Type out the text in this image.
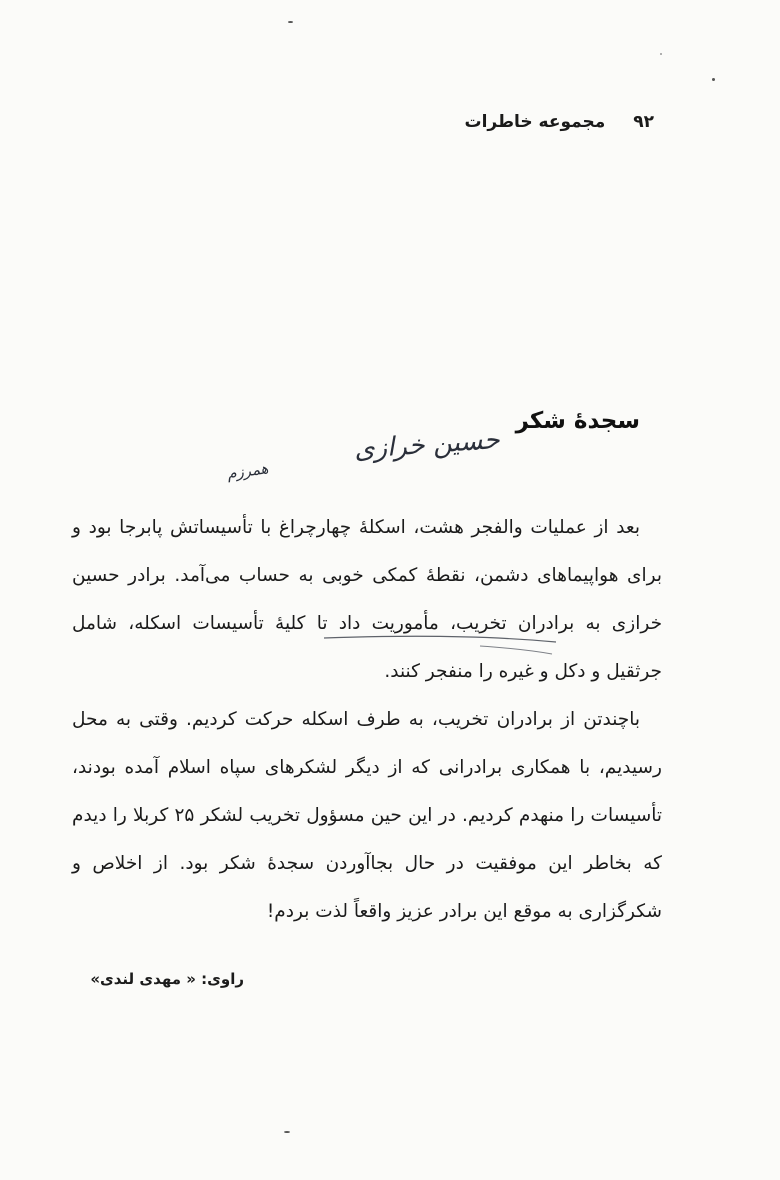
۹۲ مجموعه خاطرات
سجدهٔ شکر
حسین خرازی
همرزم

بعد از عملیات والفجر هشت، اسکلهٔ چهارچراغ با تأسیساتش پابرجا بود و برای هواپیماهای دشمن، نقطهٔ کمکی خوبی به حساب می‌آمد. برادر حسین خرازی به برادران تخریب، مأموریت داد تا کلیهٔ تأسیسات اسکله، شامل جرثقیل و دکل و غیره را منفجر کنند.

باچندتن از برادران تخریب، به طرف اسکله حرکت کردیم. وقتی به محل رسیدیم، با همکاری برادرانی که از دیگر لشکرهای سپاه اسلام آمده بودند، تأسیسات را منهدم کردیم. در این حین مسؤول تخریب لشکر ۲۵ کربلا را دیدم که بخاطر این موفقیت در حال بجاآوردن سجدهٔ شکر بود. از اخلاص و شکرگزاری به موقع این برادر عزیز واقعاً لذت بردم!

راوی: « مهدی لندی»
